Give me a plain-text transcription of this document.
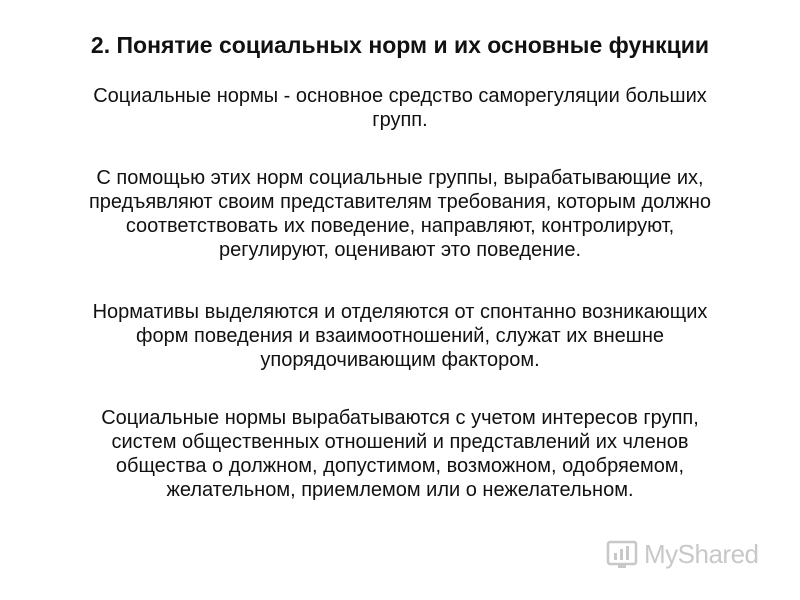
2. Понятие социальных норм и их основные функции

Социальные нормы - основное средство саморегуляции больших
групп.

С помощью этих норм социальные группы, вырабатывающие их,
предъявляют своим представителям требования, которым должно
соответствовать их поведение, направляют, контролируют,
регулируют, оценивают это поведение.

Нормативы выделяются и отделяются от спонтанно возникающих
форм поведения и взаимоотношений, служат их внешне
упорядочивающим фактором.

Социальные нормы вырабатываются с учетом интересов групп,
систем общественных отношений и представлений их членов
общества о должном, допустимом, возможном, одобряемом,
желательном, приемлемом или о нежелательном.

MyShared
